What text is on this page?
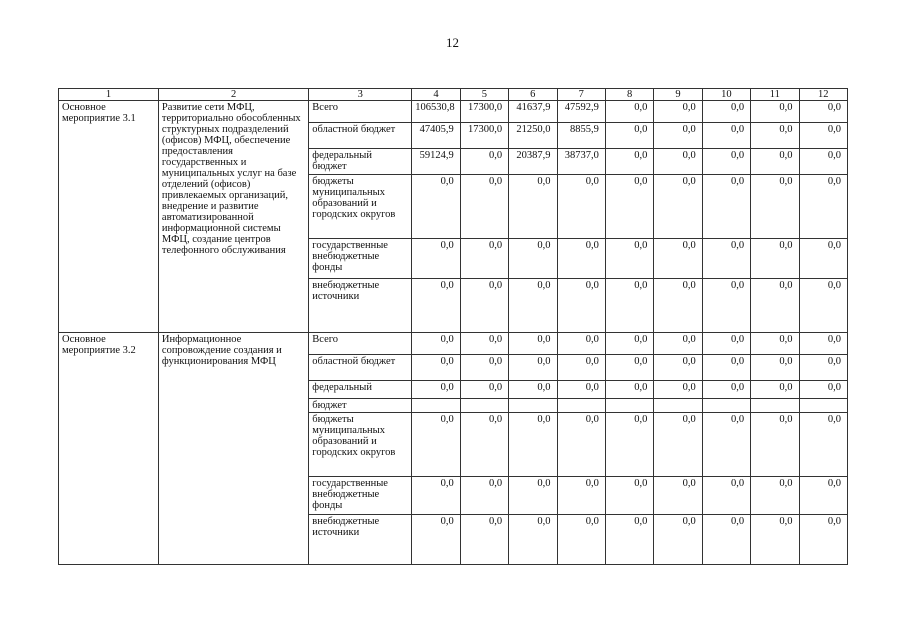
12
1	2	3	4	5	6	7	8	9	10	11	12
Основное мероприятие 3.1	Развитие сети МФЦ, территориально обособленных структурных подразделений (офисов) МФЦ, обеспечение предоставления государственных и муниципальных услуг на базе отделений (офисов) привлекаемых организаций, внедрение и развитие автоматизированной информационной системы МФЦ, создание центров телефонного обслуживания	Всего	106530,8	17300,0	41637,9	47592,9	0,0	0,0	0,0	0,0	0,0
		областной бюджет	47405,9	17300,0	21250,0	8855,9	0,0	0,0	0,0	0,0	0,0
		федеральный бюджет	59124,9	0,0	20387,9	38737,0	0,0	0,0	0,0	0,0	0,0
		бюджеты муниципальных образований и городских округов	0,0	0,0	0,0	0,0	0,0	0,0	0,0	0,0	0,0
		государственные внебюджетные фонды	0,0	0,0	0,0	0,0	0,0	0,0	0,0	0,0	0,0
		внебюджетные источники	0,0	0,0	0,0	0,0	0,0	0,0	0,0	0,0	0,0
Основное мероприятие 3.2	Информационное сопровождение создания и функционирования МФЦ	Всего	0,0	0,0	0,0	0,0	0,0	0,0	0,0	0,0	0,0
		областной бюджет	0,0	0,0	0,0	0,0	0,0	0,0	0,0	0,0	0,0
		федеральный	0,0	0,0	0,0	0,0	0,0	0,0	0,0	0,0	0,0
		бюджет									
		бюджеты муниципальных образований и городских округов	0,0	0,0	0,0	0,0	0,0	0,0	0,0	0,0	0,0
		государственные внебюджетные фонды	0,0	0,0	0,0	0,0	0,0	0,0	0,0	0,0	0,0
		внебюджетные источники	0,0	0,0	0,0	0,0	0,0	0,0	0,0	0,0	0,0
